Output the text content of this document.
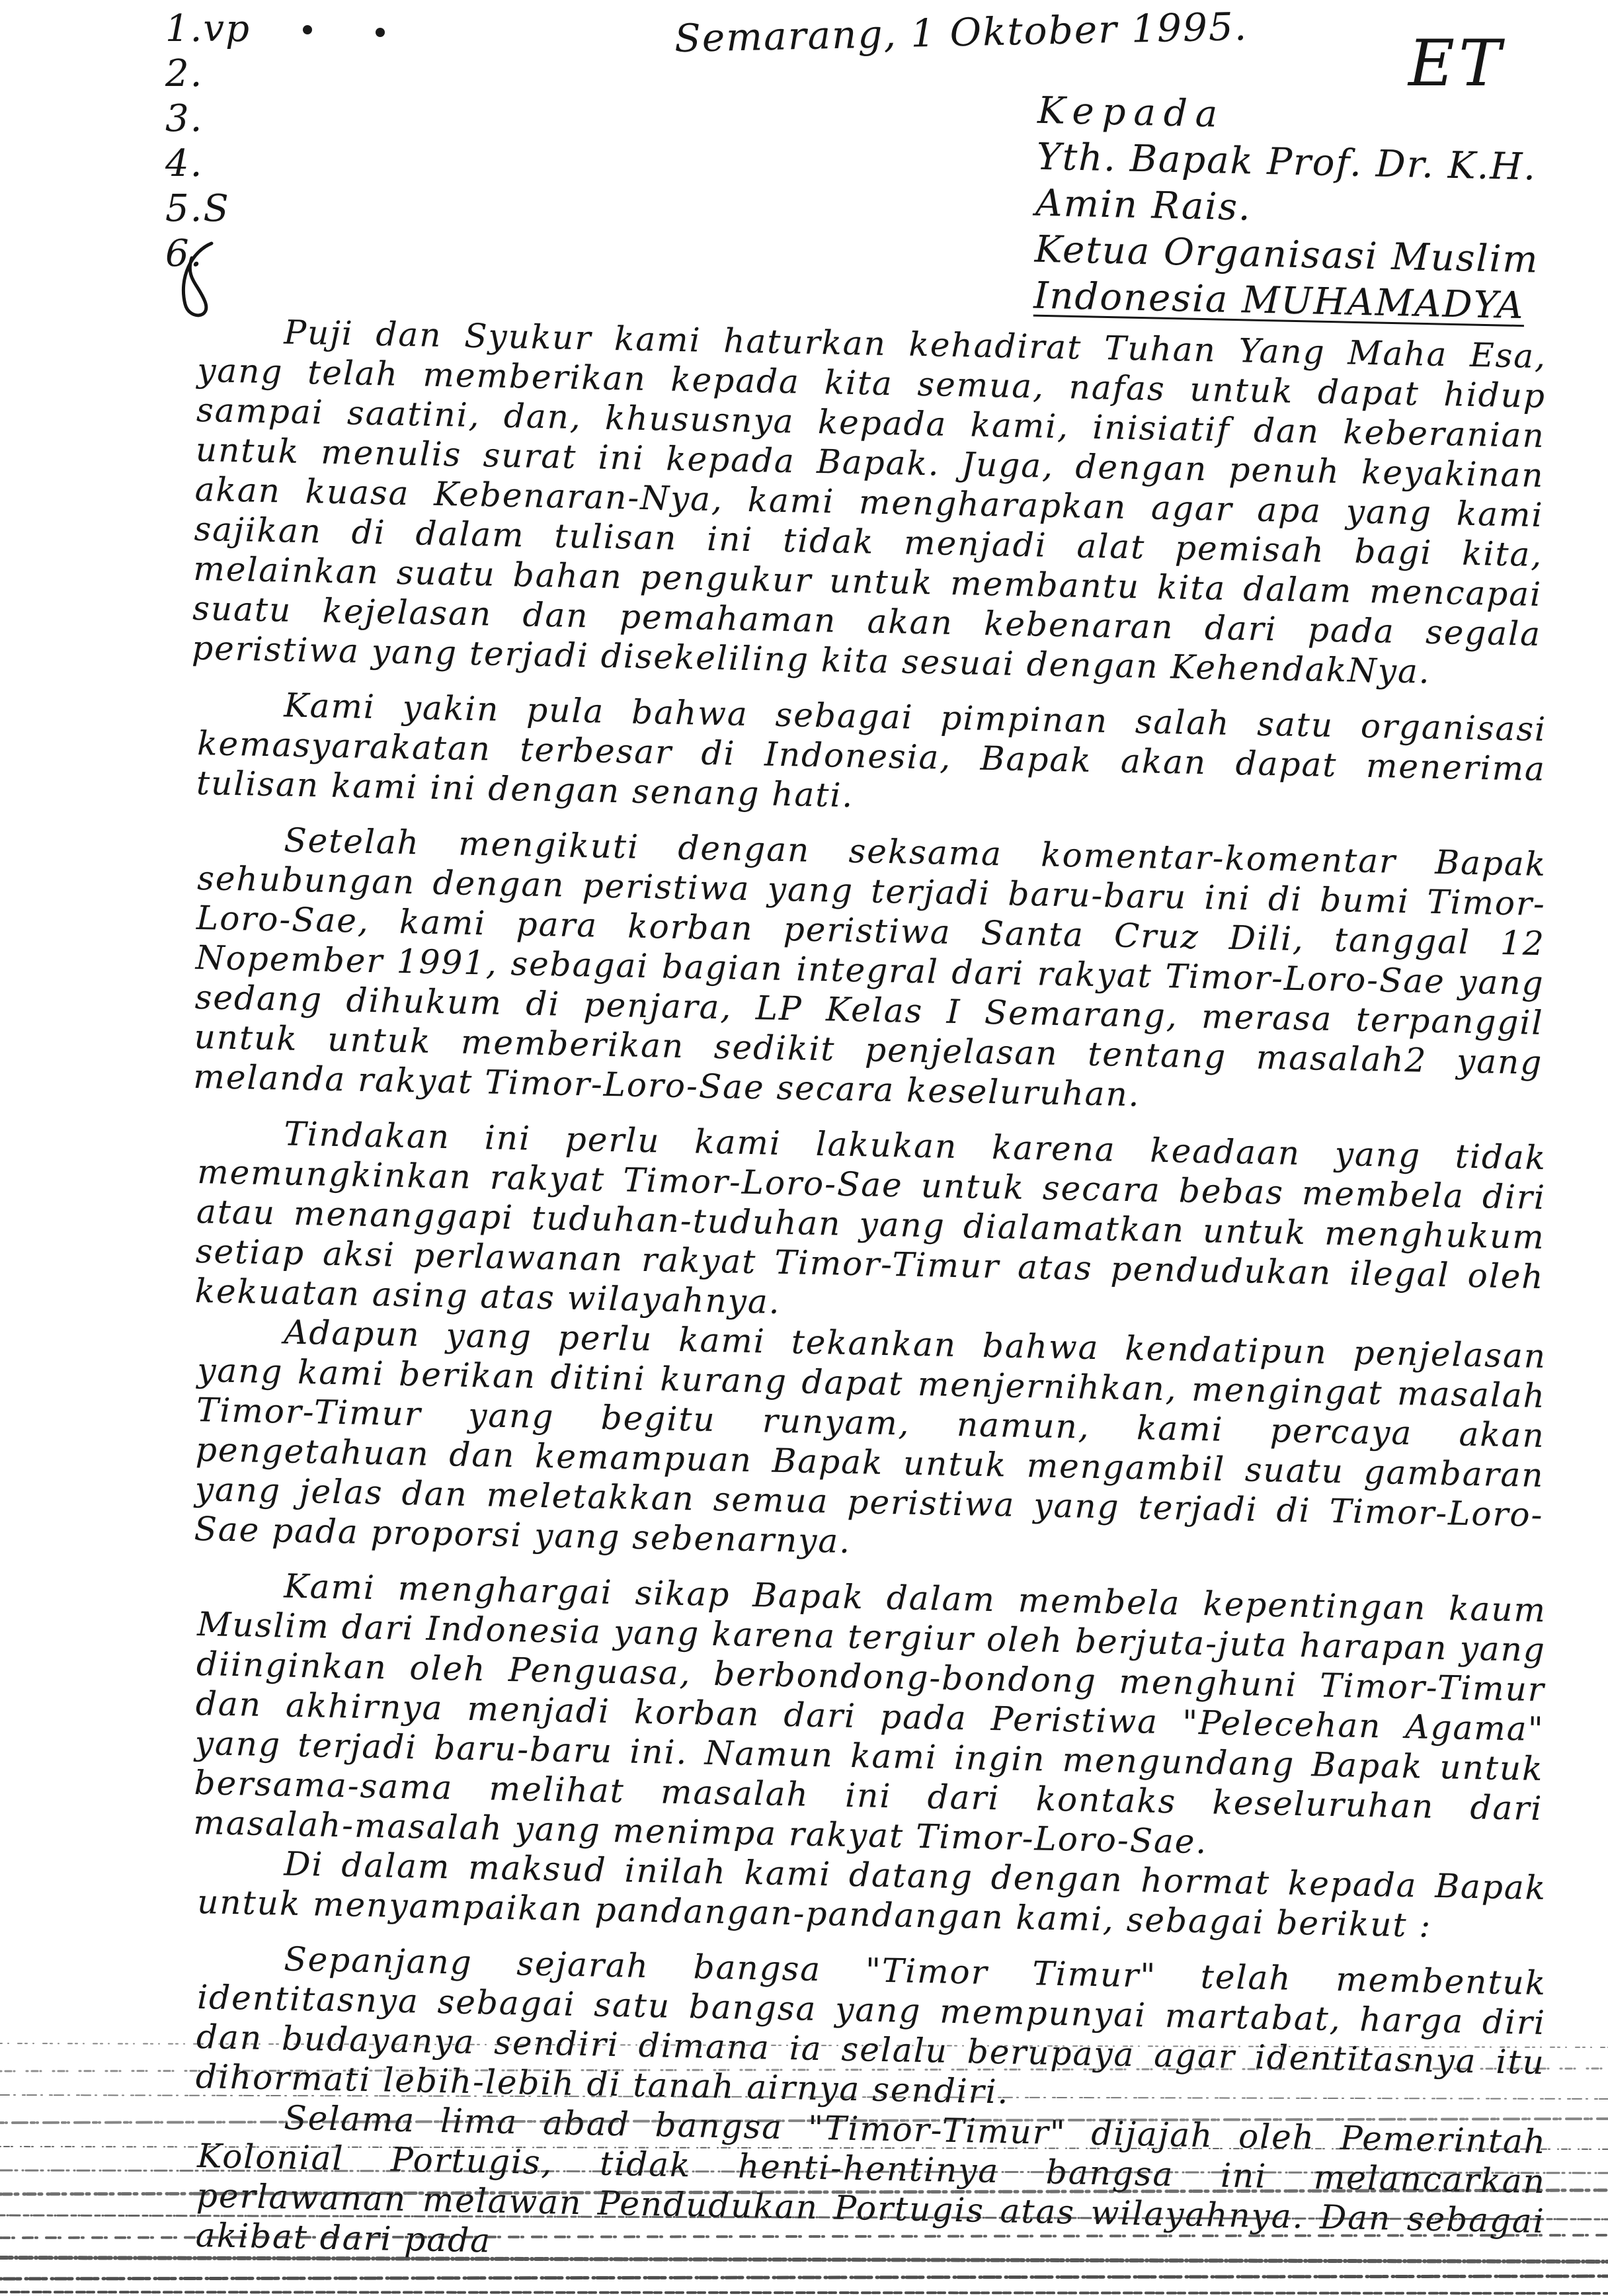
1.vp
2.
3.
4.
5.S
6.
Semarang, 1 Oktober 1995.	ET
Kepada
Yth. Bapak Prof. Dr. K.H.
Amin Rais.
Ketua Organisasi Muslim
Indonesia MUHAMADYA

Puji dan Syukur kami haturkan kehadirat Tuhan Yang Maha Esa, yang telah memberikan kepada kita semua, nafas untuk dapat hidup sampai saatini, dan, khususnya kepada kami, inisiatif dan keberanian untuk menulis surat ini kepada Bapak. Juga, dengan penuh keyakinan akan kuasa Kebenaran-Nya, kami mengharapkan agar apa yang kami sajikan di dalam tulisan ini tidak menjadi alat pemisah bagi kita, melainkan suatu bahan pengukur untuk membantu kita dalam mencapai suatu kejelasan dan pemahaman akan kebenaran dari pada segala peristiwa yang terjadi disekeliling kita sesuai dengan KehendakNya.

Kami yakin pula bahwa sebagai pimpinan salah satu organisasi kemasyarakatan terbesar di Indonesia, Bapak akan dapat menerima tulisan kami ini dengan senang hati.

Setelah mengikuti dengan seksama komentar-komentar Bapak sehubungan dengan peristiwa yang terjadi baru-baru ini di bumi Timor-Loro-Sae, kami para korban peristiwa Santa Cruz Dili, tanggal 12 Nopember 1991, sebagai bagian integral dari rakyat Timor-Loro-Sae yang sedang dihukum di penjara, LP Kelas I Semarang, merasa terpanggil untuk untuk memberikan sedikit penjelasan tentang masalah2 yang melanda rakyat Timor-Loro-Sae secara keseluruhan.

Tindakan ini perlu kami lakukan karena keadaan yang tidak memungkinkan rakyat Timor-Loro-Sae untuk secara bebas membela diri atau menanggapi tuduhan-tuduhan yang dialamatkan untuk menghukum setiap aksi perlawanan rakyat Timor-Timur atas pendudukan ilegal oleh kekuatan asing atas wilayahnya.

Adapun yang perlu kami tekankan bahwa kendatipun penjelasan yang kami berikan ditini kurang dapat menjernihkan, mengingat masalah Timor-Timur yang begitu runyam, namun, kami percaya akan pengetahuan dan kemampuan Bapak untuk mengambil suatu gambaran yang jelas dan meletakkan semua peristiwa yang terjadi di Timor-Loro-Sae pada proporsi yang sebenarnya.

Kami menghargai sikap Bapak dalam membela kepentingan kaum Muslim dari Indonesia yang karena tergiur oleh berjuta-juta harapan yang diinginkan oleh Penguasa, berbondong-bondong menghuni Timor-Timur dan akhirnya menjadi korban dari pada Peristiwa "Pelecehan Agama" yang terjadi baru-baru ini. Namun kami ingin mengundang Bapak untuk bersama-sama melihat masalah ini dari kontaks keseluruhan dari masalah-masalah yang menimpa rakyat Timor-Loro-Sae.

Di dalam maksud inilah kami datang dengan hormat kepada Bapak untuk menyampaikan pandangan-pandangan kami, sebagai berikut :

Sepanjang sejarah bangsa "Timor Timur" telah membentuk identitasnya sebagai satu bangsa yang mempunyai martabat, harga diri dan budayanya sendiri dimana ia selalu berupaya agar identitasnya itu dihormati lebih-lebih di tanah airnya sendiri.

Selama lima abad bangsa "Timor-Timur" dijajah oleh Pemerintah Kolonial Portugis, tidak henti-hentinya bangsa ini melancarkan perlawanan melawan Pendudukan Portugis atas wilayahnya. Dan sebagai akibat dari pada
